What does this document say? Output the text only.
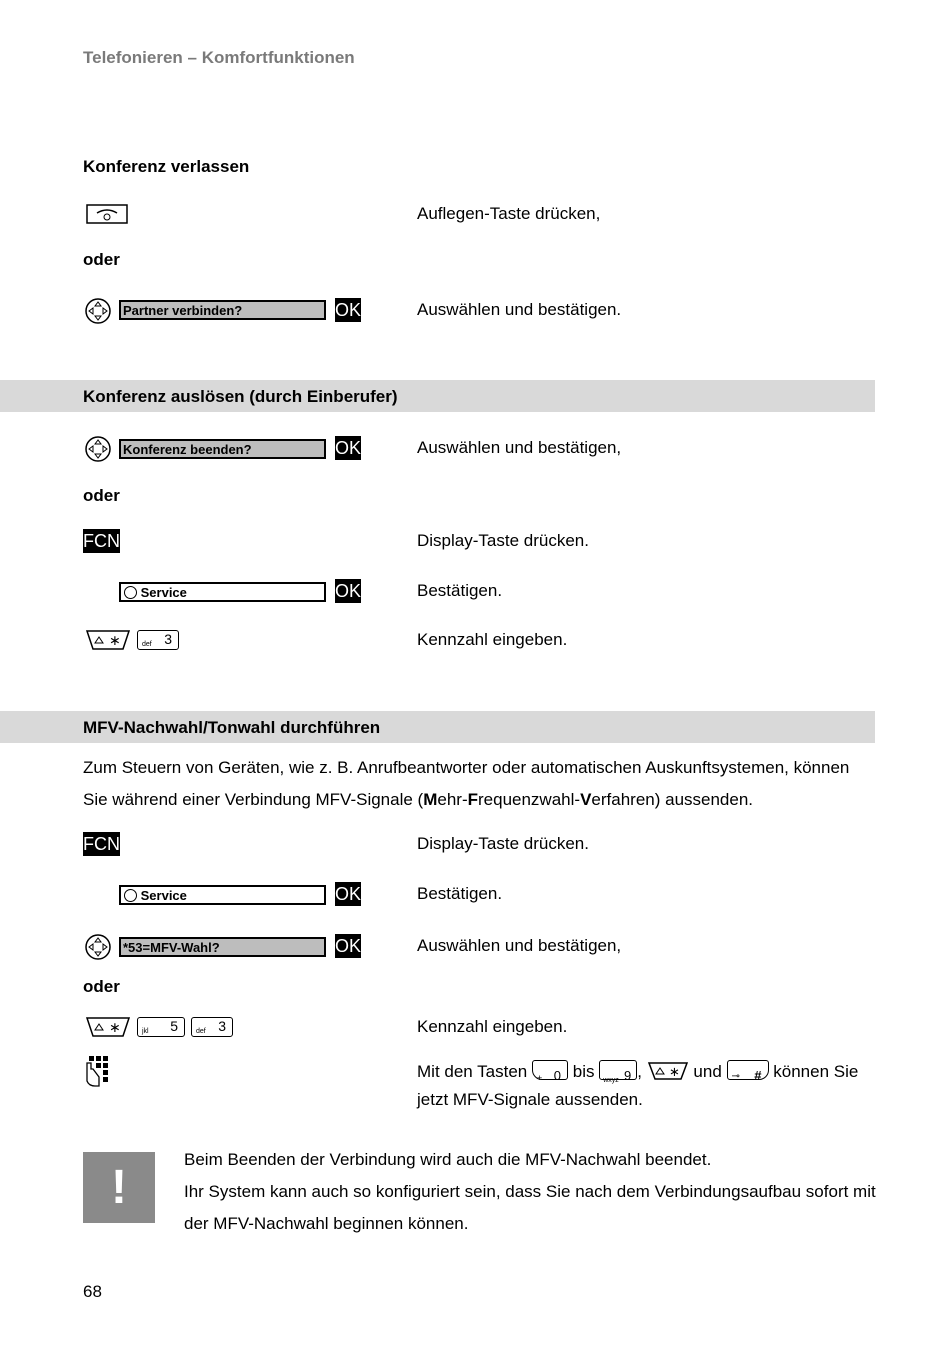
Telefonieren – Komfortfunktionen
Konferenz verlassen
Auflegen-Taste drücken,
oder
Partner verbinden?	OK	Auswählen und bestätigen.
Konferenz auslösen (durch Einberufer)
Konferenz beenden?	OK	Auswählen und bestätigen,
oder
FCN	Display-Taste drücken.
Service	OK	Bestätigen.
∗	def 3	Kennzahl eingeben.
MFV-Nachwahl/Tonwahl durchführen
Zum Steuern von Geräten, wie z. B. Anrufbeantworter oder automatischen Auskunftsystemen, können Sie während einer Verbindung MFV-Signale (Mehr-Frequenzwahl-Verfahren) aussenden.
FCN	Display-Taste drücken.
Service	OK	Bestätigen.
*53=MFV-Wahl?	OK	Auswählen und bestätigen,
oder
∗	jkl 5	def 3	Kennzahl eingeben.
Mit den Tasten + 0 bis wxyz 9 , ∗ und ⊸ # können Sie
jetzt MFV-Signale aussenden.
!
Beim Beenden der Verbindung wird auch die MFV-Nachwahl beendet.
Ihr System kann auch so konfiguriert sein, dass Sie nach dem Verbindungsaufbau sofort mit der MFV-Nachwahl beginnen können.
68
